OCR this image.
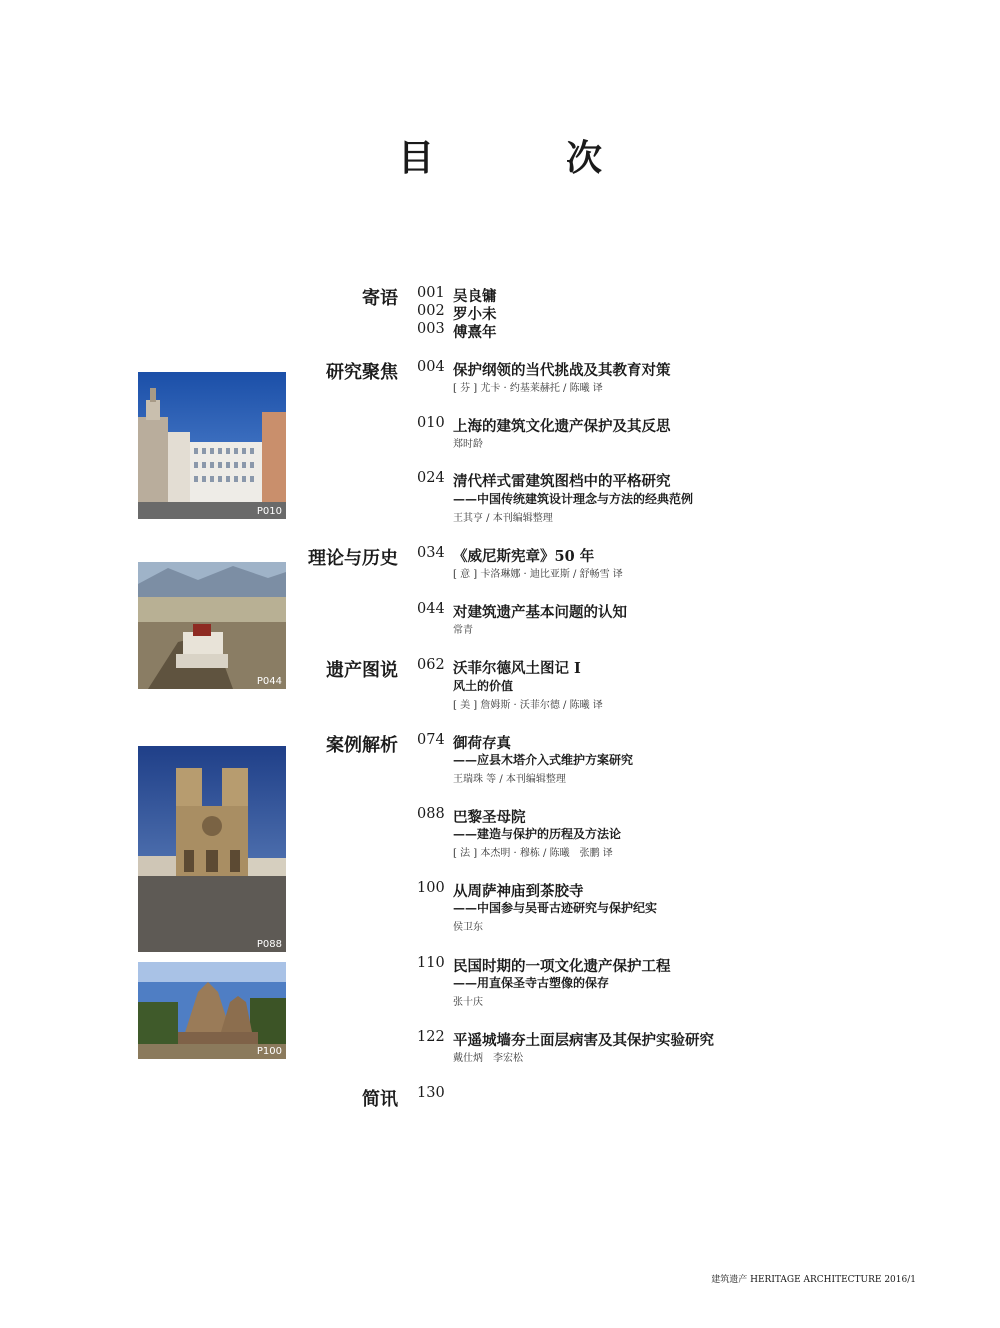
目　次
寄语
研究聚焦
理论与历史
遗产图说
案例解析
简讯
001 吴良镛
002 罗小未
003 傅熹年
004 保护纲领的当代挑战及其教育对策
[ 芬 ] 尤卡 · 约基莱赫托 / 陈曦 译
010 上海的建筑文化遗产保护及其反思
郑时龄
024 清代样式雷建筑图档中的平格研究
——中国传统建筑设计理念与方法的经典范例
王其亨 / 本刊编辑整理
034 《威尼斯宪章》50 年
[ 意 ] 卡洛琳娜 · 迪比亚斯 / 舒畅雪 译
044 对建筑遗产基本问题的认知
常青
062 沃菲尔德风土图记 Ⅰ
风土的价值
[ 美 ] 詹姆斯 · 沃菲尔德 / 陈曦 译
074 御荷存真
——应县木塔介入式维护方案研究
王瑞珠 等 / 本刊编辑整理
088 巴黎圣母院
——建造与保护的历程及方法论
[ 法 ] 本杰明 · 穆栋 / 陈曦　张鹏 译
100 从周萨神庙到茶胶寺
——中国参与吴哥古迹研究与保护纪实
侯卫东
110 民国时期的一项文化遗产保护工程
——用直保圣寺古塑像的保存
张十庆
122 平遥城墙夯土面层病害及其保护实验研究
戴仕炳　李宏松
130
P010
P044
P088
P100
建筑遗产 HERITAGE ARCHITECTURE 2016/1
